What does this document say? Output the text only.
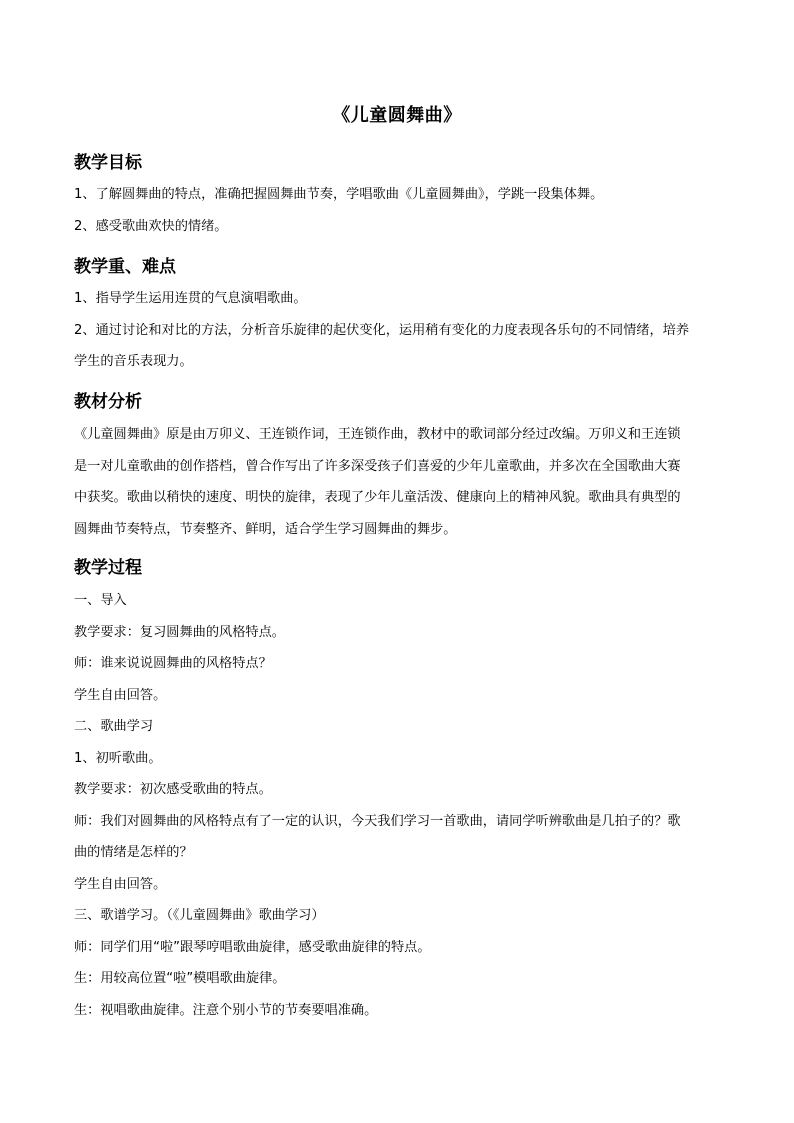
《儿童圆舞曲》
教学目标
1、了解圆舞曲的特点，准确把握圆舞曲节奏，学唱歌曲《儿童圆舞曲》，学跳一段集体舞。
2、感受歌曲欢快的情绪。
教学重、难点
1、指导学生运用连贯的气息演唱歌曲。
2、通过讨论和对比的方法，分析音乐旋律的起伏变化，运用稍有变化的力度表现各乐句的不同情绪，培养
学生的音乐表现力。
教材分析
《儿童圆舞曲》原是由万卯义、王连锁作词，王连锁作曲，教材中的歌词部分经过改编。万卯义和王连锁
是一对儿童歌曲的创作搭档，曾合作写出了许多深受孩子们喜爱的少年儿童歌曲，并多次在全国歌曲大赛
中获奖。歌曲以稍快的速度、明快的旋律，表现了少年儿童活泼、健康向上的精神风貌。歌曲具有典型的
圆舞曲节奏特点，节奏整齐、鲜明，适合学生学习圆舞曲的舞步。
教学过程
一、导入
教学要求：复习圆舞曲的风格特点。
师：谁来说说圆舞曲的风格特点？
学生自由回答。
二、歌曲学习
1、初听歌曲。
教学要求：初次感受歌曲的特点。
师：我们对圆舞曲的风格特点有了一定的认识，今天我们学习一首歌曲，请同学听辨歌曲是几拍子的？歌
曲的情绪是怎样的？
学生自由回答。
三、歌谱学习。（《儿童圆舞曲》歌曲学习）
师：同学们用“啦”跟琴哼唱歌曲旋律，感受歌曲旋律的特点。
生：用较高位置“啦”模唱歌曲旋律。
生：视唱歌曲旋律。注意个别小节的节奏要唱准确。
